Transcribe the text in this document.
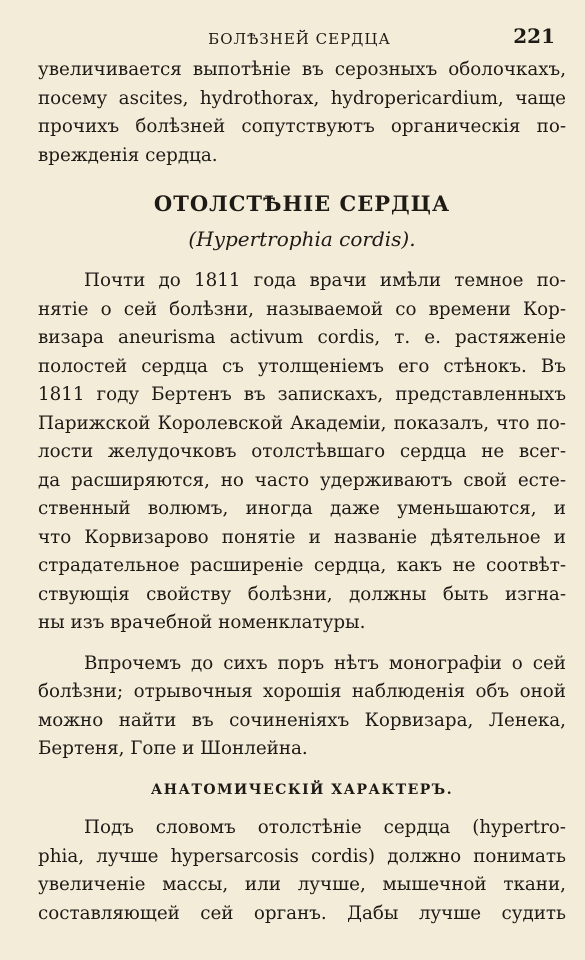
БОЛѢЗНЕЙ СЕРДЦА	221
увеличивается выпотѣніе въ серозныхъ оболочкахъ,
посему ascites, hydrothorax, hydropericardium, чаще
прочихъ болѣзней сопутствуютъ органическія по-
врежденія сердца.
ОТОЛСТѢНІЕ СЕРДЦА
(Hypertrophia cordis).
Почти до 1811 года врачи имѣли темное по-
нятіе о сей болѣзни, называемой со времени Кор-
визара aneurisma activum cordis, т. е. растяженіе
полостей сердца съ утолщеніемъ его стѣнокъ. Въ
1811 году Бертенъ въ запискахъ, представленныхъ
Парижской Королевской Академіи, показалъ, что по-
лости желудочковъ отолстѣвшаго сердца не всег-
да расширяются, но часто удерживаютъ свой есте-
ственный волюмъ, иногда даже уменьшаются, и
что Корвизарово понятіе и названіе дѣятельное и
страдательное расширеніе сердца, какъ не соотвѣт-
ствующія свойству болѣзни, должны быть изгна-
ны изъ врачебной номенклатуры.
Впрочемъ до сихъ поръ нѣтъ монографіи о сей
болѣзни; отрывочныя хорошія наблюденія объ оной
можно найти въ сочиненіяхъ Корвизара, Ленека,
Бертеня, Гопе и Шонлейна.
АНАТОМИЧЕСКІЙ ХАРАКТЕРЪ.
Подъ словомъ отолстѣніе сердца (hypertro-
phia, лучше hypersarcosis cordis) должно понимать
увеличеніе массы, или лучше, мышечной ткани,
составляющей сей органъ. Дабы лучше судить
